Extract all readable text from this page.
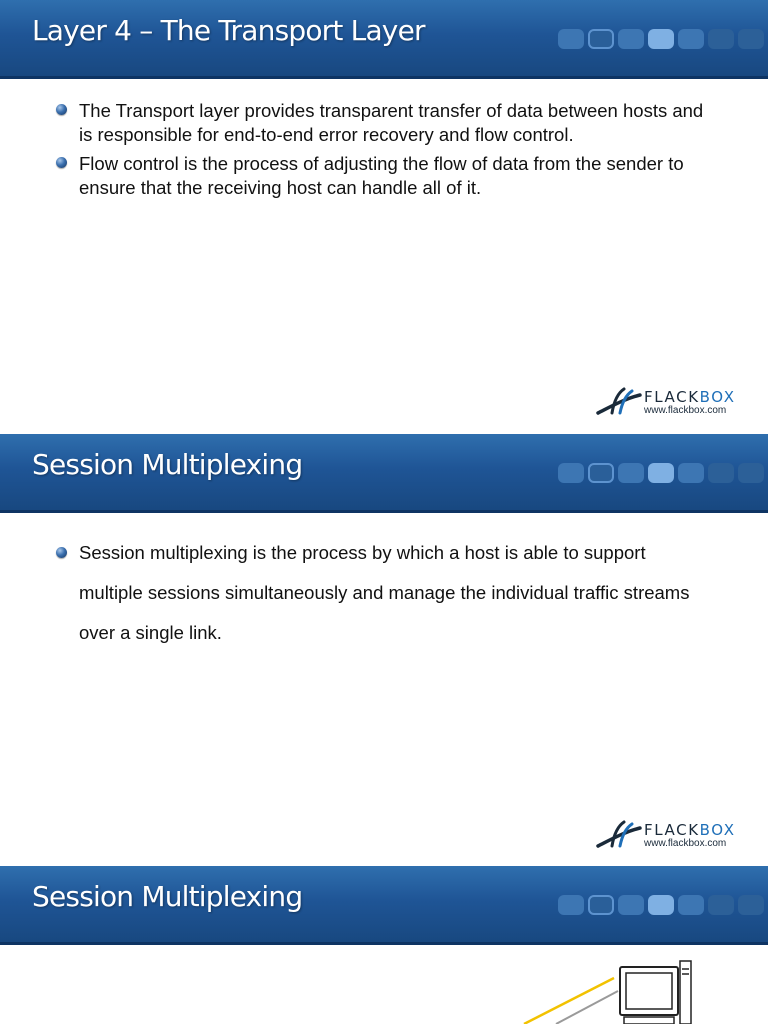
Layer 4 – The Transport Layer
The Transport layer provides transparent transfer of data between hosts and is responsible for end-to-end error recovery and flow control.
Flow control is the process of adjusting the flow of data from the sender to ensure that the receiving host can handle all of it.
FLACKBOX
www.flackbox.com
Session Multiplexing
Session multiplexing is the process by which a host is able to support multiple sessions simultaneously and manage the individual traffic streams over a single link.
FLACKBOX
www.flackbox.com
Session Multiplexing
